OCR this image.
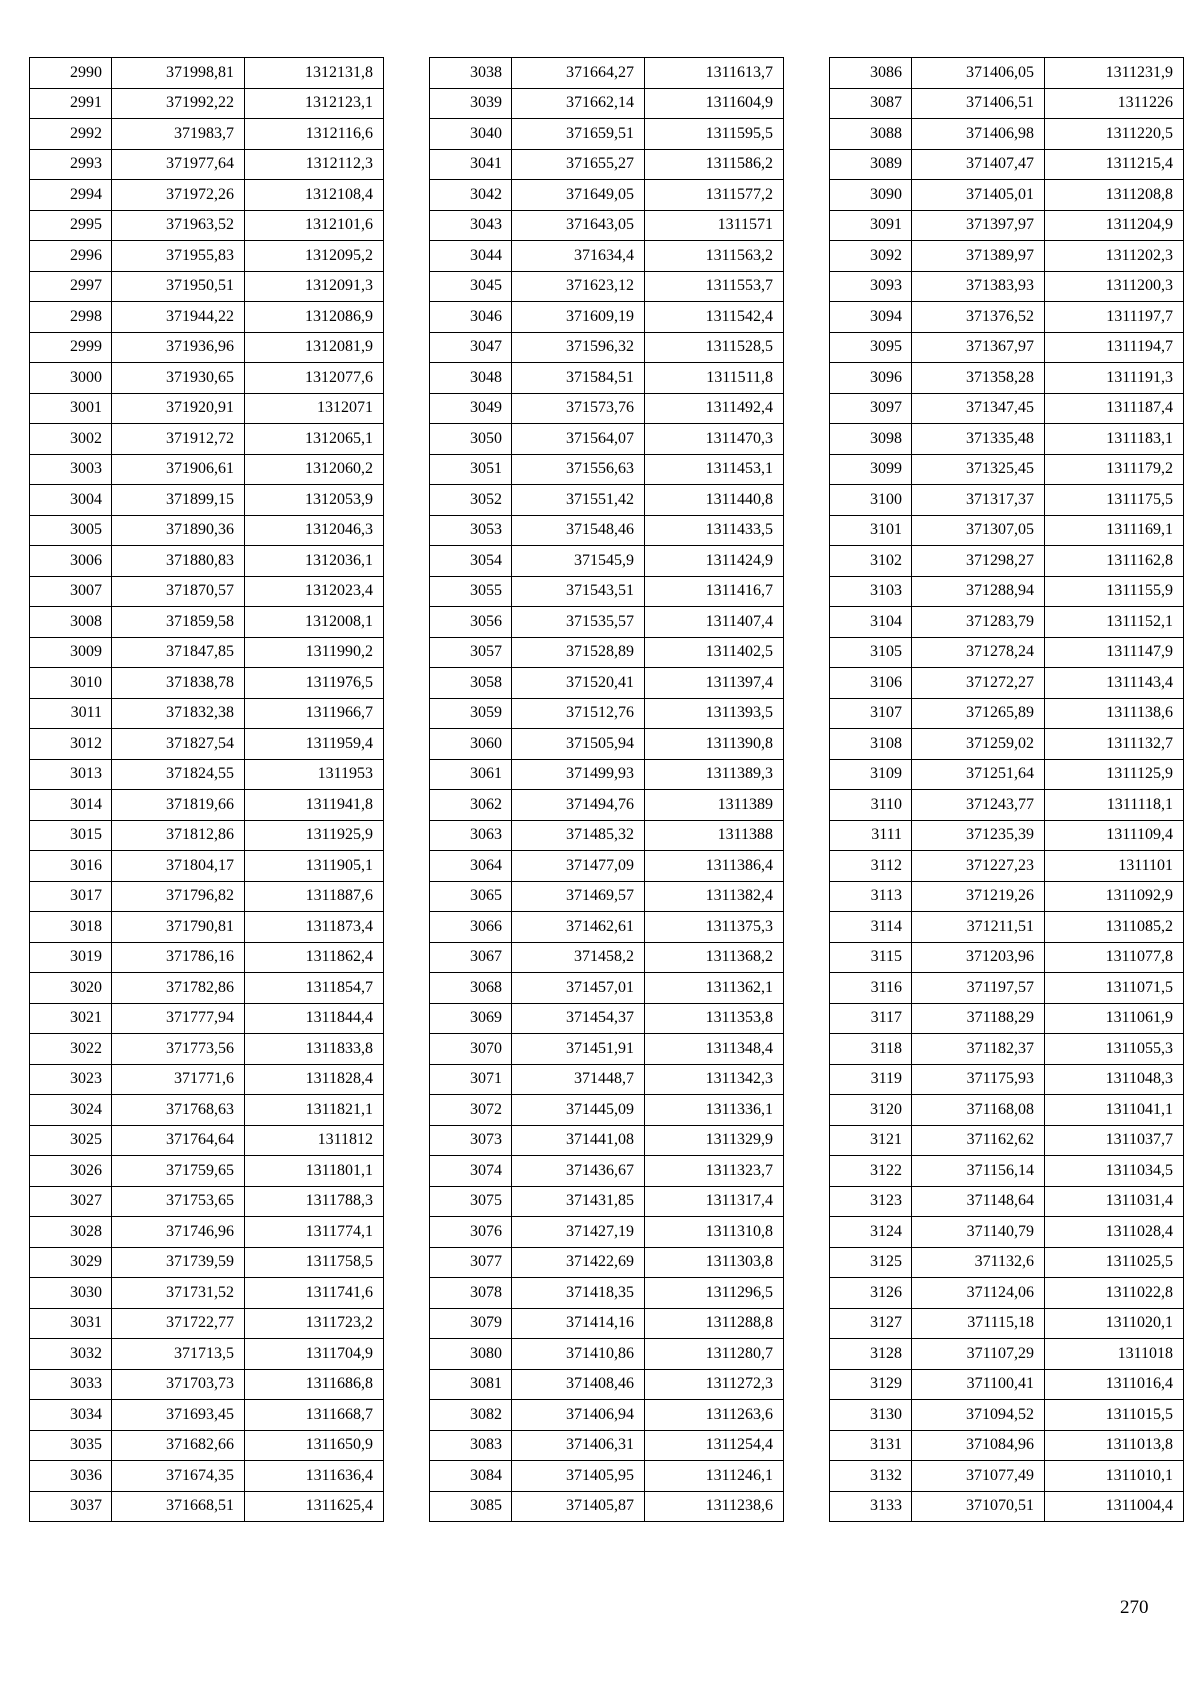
2990	371998,81	1312131,8
2991	371992,22	1312123,1
2992	371983,7	1312116,6
2993	371977,64	1312112,3
2994	371972,26	1312108,4
2995	371963,52	1312101,6
2996	371955,83	1312095,2
2997	371950,51	1312091,3
2998	371944,22	1312086,9
2999	371936,96	1312081,9
3000	371930,65	1312077,6
3001	371920,91	1312071
3002	371912,72	1312065,1
3003	371906,61	1312060,2
3004	371899,15	1312053,9
3005	371890,36	1312046,3
3006	371880,83	1312036,1
3007	371870,57	1312023,4
3008	371859,58	1312008,1
3009	371847,85	1311990,2
3010	371838,78	1311976,5
3011	371832,38	1311966,7
3012	371827,54	1311959,4
3013	371824,55	1311953
3014	371819,66	1311941,8
3015	371812,86	1311925,9
3016	371804,17	1311905,1
3017	371796,82	1311887,6
3018	371790,81	1311873,4
3019	371786,16	1311862,4
3020	371782,86	1311854,7
3021	371777,94	1311844,4
3022	371773,56	1311833,8
3023	371771,6	1311828,4
3024	371768,63	1311821,1
3025	371764,64	1311812
3026	371759,65	1311801,1
3027	371753,65	1311788,3
3028	371746,96	1311774,1
3029	371739,59	1311758,5
3030	371731,52	1311741,6
3031	371722,77	1311723,2
3032	371713,5	1311704,9
3033	371703,73	1311686,8
3034	371693,45	1311668,7
3035	371682,66	1311650,9
3036	371674,35	1311636,4
3037	371668,51	1311625,4
3038	371664,27	1311613,7
3039	371662,14	1311604,9
3040	371659,51	1311595,5
3041	371655,27	1311586,2
3042	371649,05	1311577,2
3043	371643,05	1311571
3044	371634,4	1311563,2
3045	371623,12	1311553,7
3046	371609,19	1311542,4
3047	371596,32	1311528,5
3048	371584,51	1311511,8
3049	371573,76	1311492,4
3050	371564,07	1311470,3
3051	371556,63	1311453,1
3052	371551,42	1311440,8
3053	371548,46	1311433,5
3054	371545,9	1311424,9
3055	371543,51	1311416,7
3056	371535,57	1311407,4
3057	371528,89	1311402,5
3058	371520,41	1311397,4
3059	371512,76	1311393,5
3060	371505,94	1311390,8
3061	371499,93	1311389,3
3062	371494,76	1311389
3063	371485,32	1311388
3064	371477,09	1311386,4
3065	371469,57	1311382,4
3066	371462,61	1311375,3
3067	371458,2	1311368,2
3068	371457,01	1311362,1
3069	371454,37	1311353,8
3070	371451,91	1311348,4
3071	371448,7	1311342,3
3072	371445,09	1311336,1
3073	371441,08	1311329,9
3074	371436,67	1311323,7
3075	371431,85	1311317,4
3076	371427,19	1311310,8
3077	371422,69	1311303,8
3078	371418,35	1311296,5
3079	371414,16	1311288,8
3080	371410,86	1311280,7
3081	371408,46	1311272,3
3082	371406,94	1311263,6
3083	371406,31	1311254,4
3084	371405,95	1311246,1
3085	371405,87	1311238,6
3086	371406,05	1311231,9
3087	371406,51	1311226
3088	371406,98	1311220,5
3089	371407,47	1311215,4
3090	371405,01	1311208,8
3091	371397,97	1311204,9
3092	371389,97	1311202,3
3093	371383,93	1311200,3
3094	371376,52	1311197,7
3095	371367,97	1311194,7
3096	371358,28	1311191,3
3097	371347,45	1311187,4
3098	371335,48	1311183,1
3099	371325,45	1311179,2
3100	371317,37	1311175,5
3101	371307,05	1311169,1
3102	371298,27	1311162,8
3103	371288,94	1311155,9
3104	371283,79	1311152,1
3105	371278,24	1311147,9
3106	371272,27	1311143,4
3107	371265,89	1311138,6
3108	371259,02	1311132,7
3109	371251,64	1311125,9
3110	371243,77	1311118,1
3111	371235,39	1311109,4
3112	371227,23	1311101
3113	371219,26	1311092,9
3114	371211,51	1311085,2
3115	371203,96	1311077,8
3116	371197,57	1311071,5
3117	371188,29	1311061,9
3118	371182,37	1311055,3
3119	371175,93	1311048,3
3120	371168,08	1311041,1
3121	371162,62	1311037,7
3122	371156,14	1311034,5
3123	371148,64	1311031,4
3124	371140,79	1311028,4
3125	371132,6	1311025,5
3126	371124,06	1311022,8
3127	371115,18	1311020,1
3128	371107,29	1311018
3129	371100,41	1311016,4
3130	371094,52	1311015,5
3131	371084,96	1311013,8
3132	371077,49	1311010,1
3133	371070,51	1311004,4
270
